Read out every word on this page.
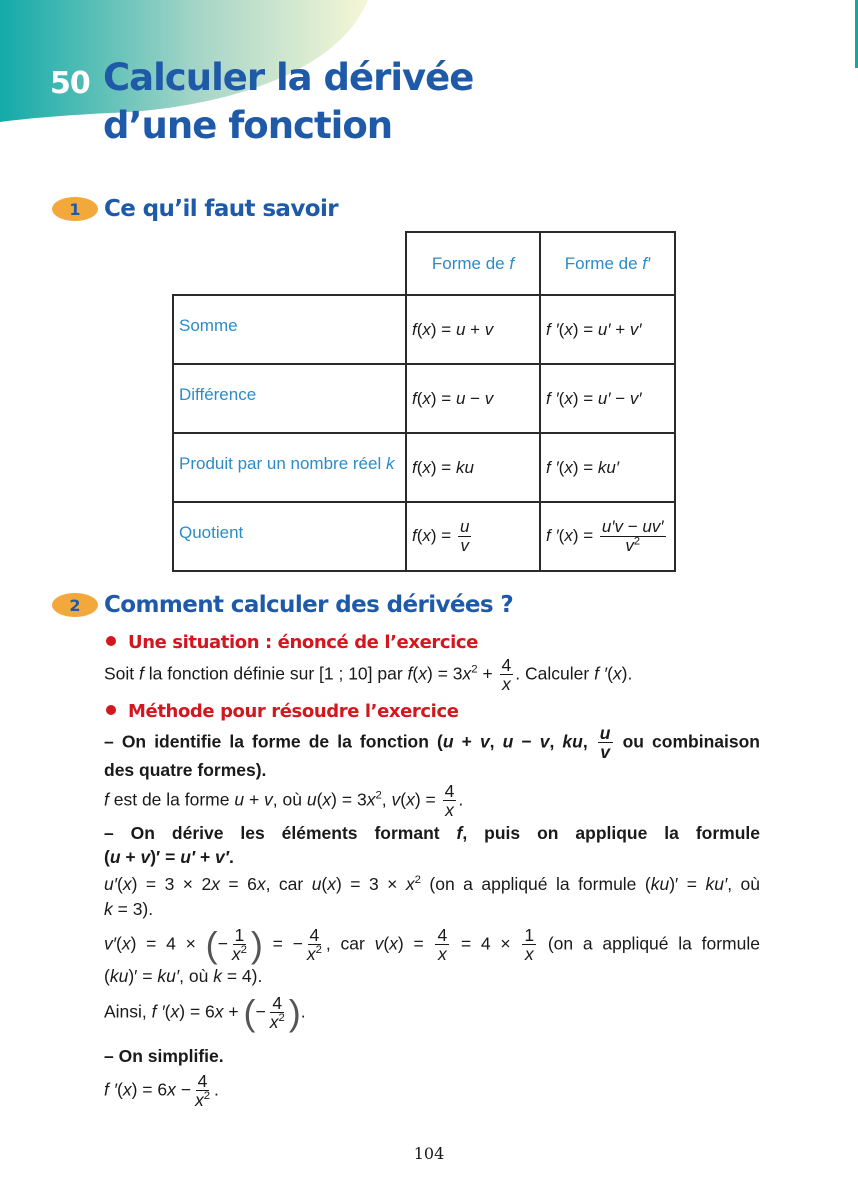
50 Calculer la dérivée
d’une fonction
1	Ce qu’il faut savoir
	Forme de f	Forme de f′
Somme	f(x) = u + v	f ′(x) = u′ + v′
Différence	f(x) = u − v	f ′(x) = u′ − v′
Produit par un nombre réel k	f(x) = ku	f ′(x) = ku′
Quotient	$f(x) = \frac{u}{v}$	f $'(x) = \frac{u'v - uv'}{v^2}$
2	Comment calculer des dérivées ?
Une situation : énoncé de l’exercice
Soit f la fonction définie sur [1 ; 10] par $f(x) = 3x^2 + \frac{4}{x}$ . Calculer f ′(x).
Méthode pour résoudre l’exercice
– On identifie la forme de la fonction (u + v, u − v, ku, $\frac{u}{v}$ ou combinaison
des quatre formes).
f est de la forme u + v, où $u(x) = 3x^2$, $v(x) = \frac{4}{x}$ .
– On dérive les éléments formant f, puis on applique la formule
(u + v)′ = u′ + v′.
u′(x) = 3 × 2x = 6x, car $u(x) = 3 \times x^2$ (on a appliqué la formule (ku)′ = ku′, où
k = 3).
v′(x) = 4 × (− $\frac{1}{x^2}$ ) = − $\frac{4}{x^2}$ , car $v(x) = \frac{4}{x} = 4 \times \frac{1}{x} (on$ a appliqué la formule
(ku)′ = ku′, où k = 4).
Ainsi, f ′(x) = 6x + (− $\frac{4}{x^2}$ ).
– On simplifie.
f $'(x) = 6x - \frac{4}{x^2}$ .
104
